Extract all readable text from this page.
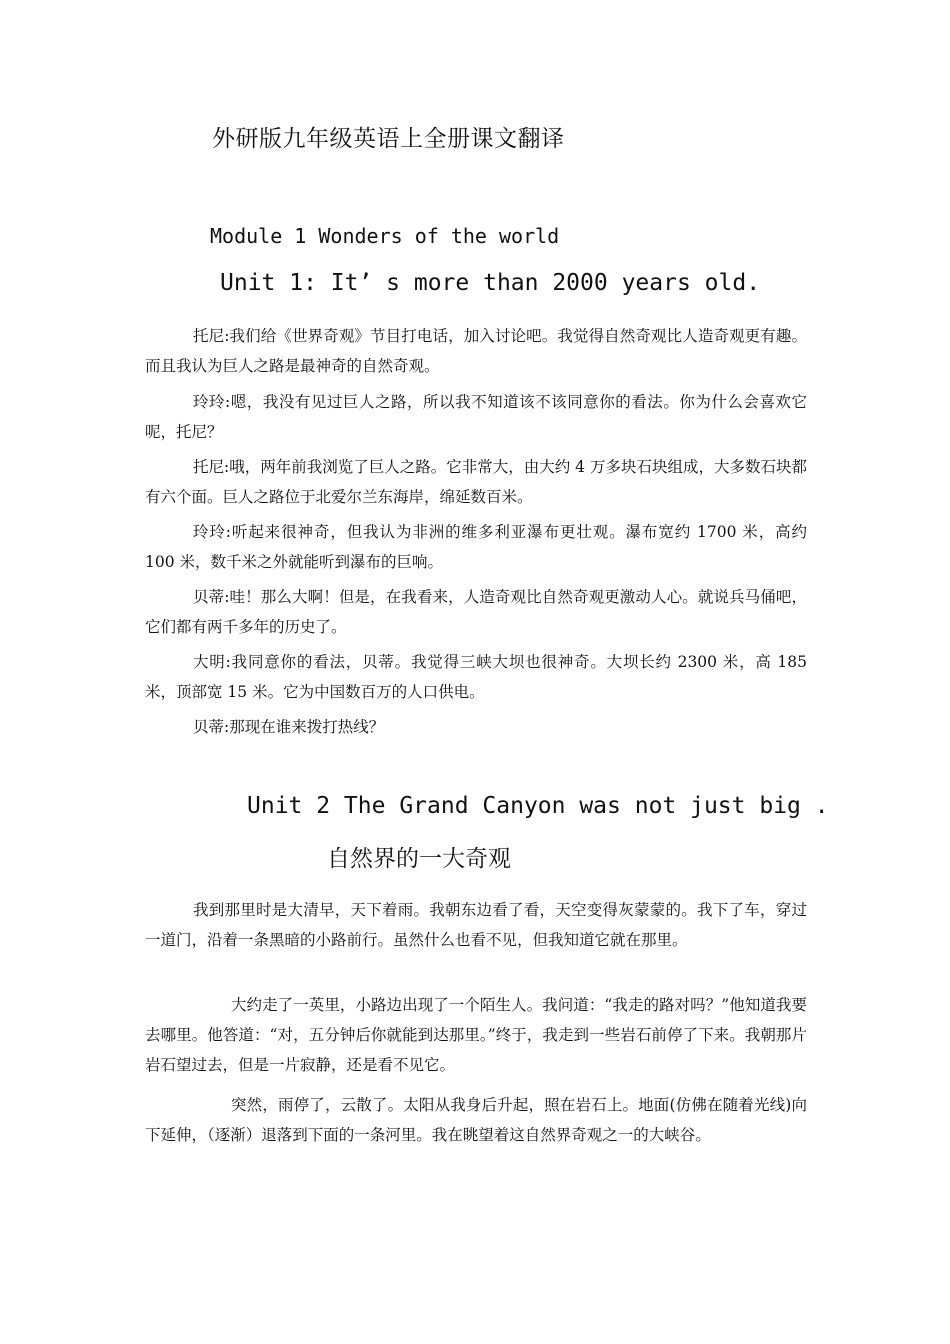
外研版九年级英语上全册课文翻译
Module 1 Wonders of the world
Unit 1: It’ s more than 2000 years old.

托尼:我们给《世界奇观》节目打电话，加入讨论吧。我觉得自然奇观比人造奇观更有趣。而且我认为巨人之路是最神奇的自然奇观。

玲玲:嗯，我没有见过巨人之路，所以我不知道该不该同意你的看法。你为什么会喜欢它呢，托尼？

托尼:哦，两年前我浏览了巨人之路。它非常大，由大约 4 万多块石块组成，大多数石块都有六个面。巨人之路位于北爱尔兰东海岸，绵延数百米。

玲玲:听起来很神奇，但我认为非洲的维多利亚瀑布更壮观。瀑布宽约 1700 米，高约 100 米，数千米之外就能听到瀑布的巨响。

贝蒂:哇！那么大啊！但是，在我看来，人造奇观比自然奇观更激动人心。就说兵马俑吧，它们都有两千多年的历史了。

大明:我同意你的看法，贝蒂。我觉得三峡大坝也很神奇。大坝长约 2300 米，高 185 米，顶部宽 15 米。它为中国数百万的人口供电。

贝蒂:那现在谁来拨打热线？

Unit 2 The Grand Canyon was not just big .
自然界的一大奇观

我到那里时是大清早，天下着雨。我朝东边看了看，天空变得灰蒙蒙的。我下了车，穿过一道门，沿着一条黑暗的小路前行。虽然什么也看不见，但我知道它就在那里。

大约走了一英里，小路边出现了一个陌生人。我问道：“我走的路对吗？”他知道我要去哪里。他答道：“对，五分钟后你就能到达那里。”终于，我走到一些岩石前停了下来。我朝那片岩石望过去，但是一片寂静，还是看不见它。

突然，雨停了，云散了。太阳从我身后升起，照在岩石上。地面(仿佛在随着光线)向下延伸，（逐渐）退落到下面的一条河里。我在眺望着这自然界奇观之一的大峡谷。
